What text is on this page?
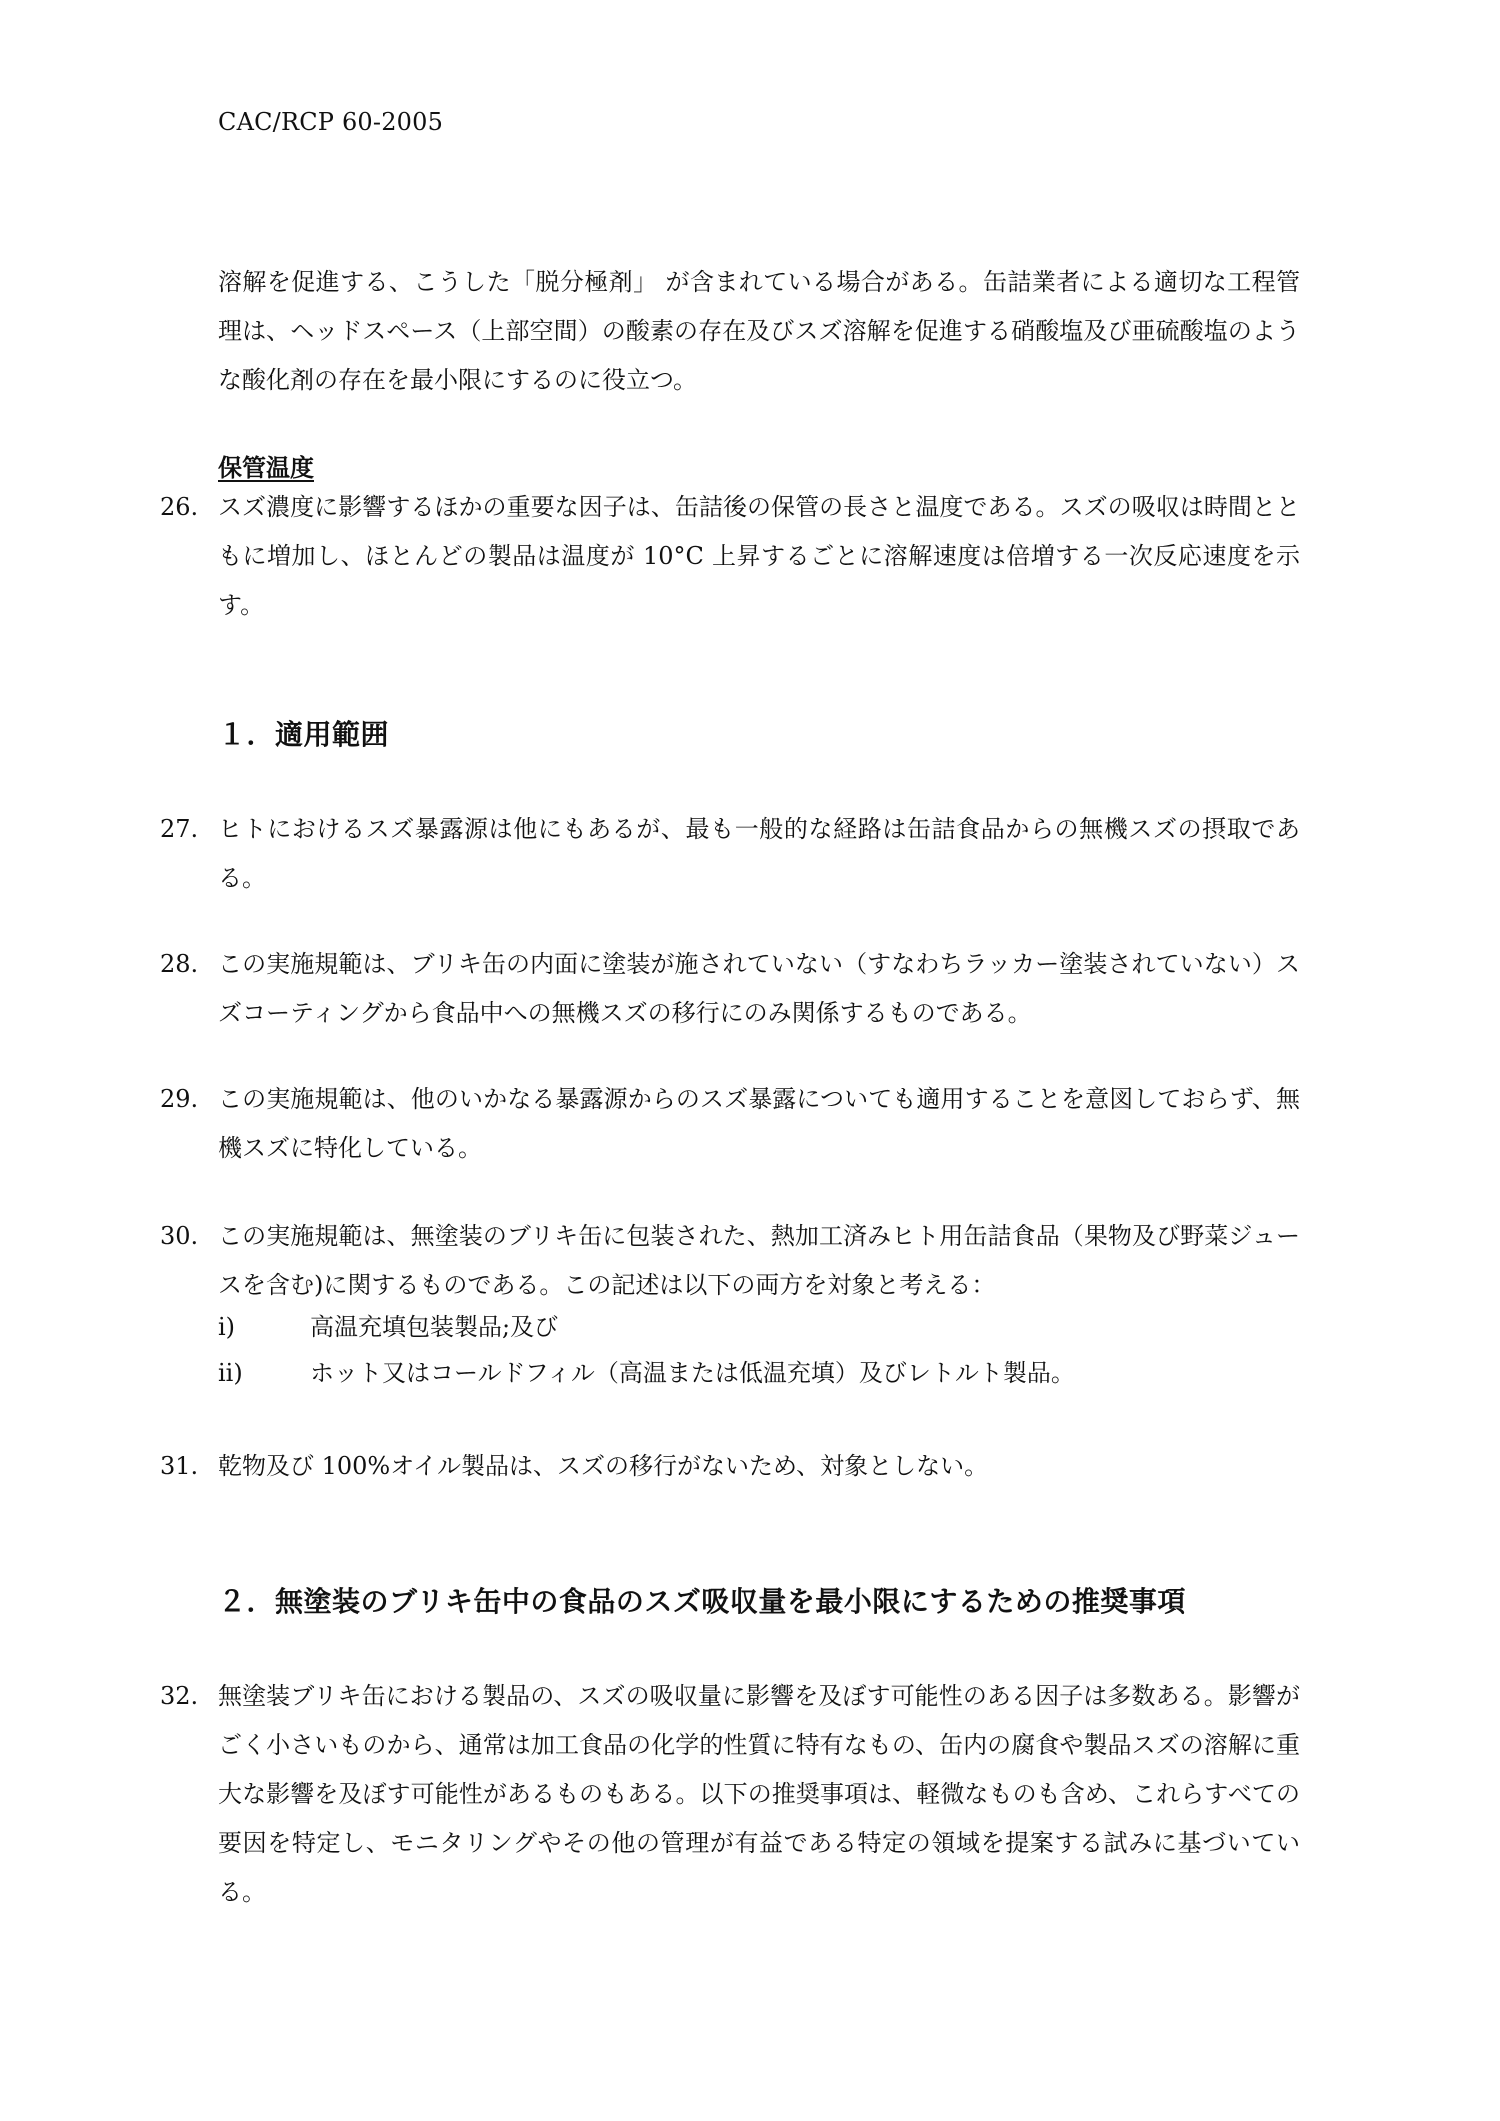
CAC/RCP 60-2005
溶解を促進する、こうした「脱分極剤」 が含まれている場合がある。缶詰業者による適切な工程管理は、ヘッドスペース（上部空間）の酸素の存在及びスズ溶解を促進する硝酸塩及び亜硫酸塩のような酸化剤の存在を最小限にするのに役立つ。
保管温度
26. スズ濃度に影響するほかの重要な因子は、缶詰後の保管の長さと温度である。スズの吸収は時間とともに増加し、ほとんどの製品は温度が 10°C 上昇するごとに溶解速度は倍増する一次反応速度を示す。
１．適用範囲
27. ヒトにおけるスズ暴露源は他にもあるが、最も一般的な経路は缶詰食品からの無機スズの摂取である。
28. この実施規範は、ブリキ缶の内面に塗装が施されていない（すなわちラッカー塗装されていない）スズコーティングから食品中への無機スズの移行にのみ関係するものである。
29. この実施規範は、他のいかなる暴露源からのスズ暴露についても適用することを意図しておらず、無機スズに特化している。
30. この実施規範は、無塗装のブリキ缶に包装された、熱加工済みヒト用缶詰食品（果物及び野菜ジュースを含む)に関するものである。この記述は以下の両方を対象と考える：
i)	高温充填包装製品;及び
ii)	ホット又はコールドフィル（高温または低温充填）及びレトルト製品。
31. 乾物及び 100%オイル製品は、スズの移行がないため、対象としない。
２．無塗装のブリキ缶中の食品のスズ吸収量を最小限にするための推奨事項
32. 無塗装ブリキ缶における製品の、スズの吸収量に影響を及ぼす可能性のある因子は多数ある。影響がごく小さいものから、通常は加工食品の化学的性質に特有なもの、缶内の腐食や製品スズの溶解に重大な影響を及ぼす可能性があるものもある。以下の推奨事項は、軽微なものも含め、これらすべての要因を特定し、モニタリングやその他の管理が有益である特定の領域を提案する試みに基づいている。
